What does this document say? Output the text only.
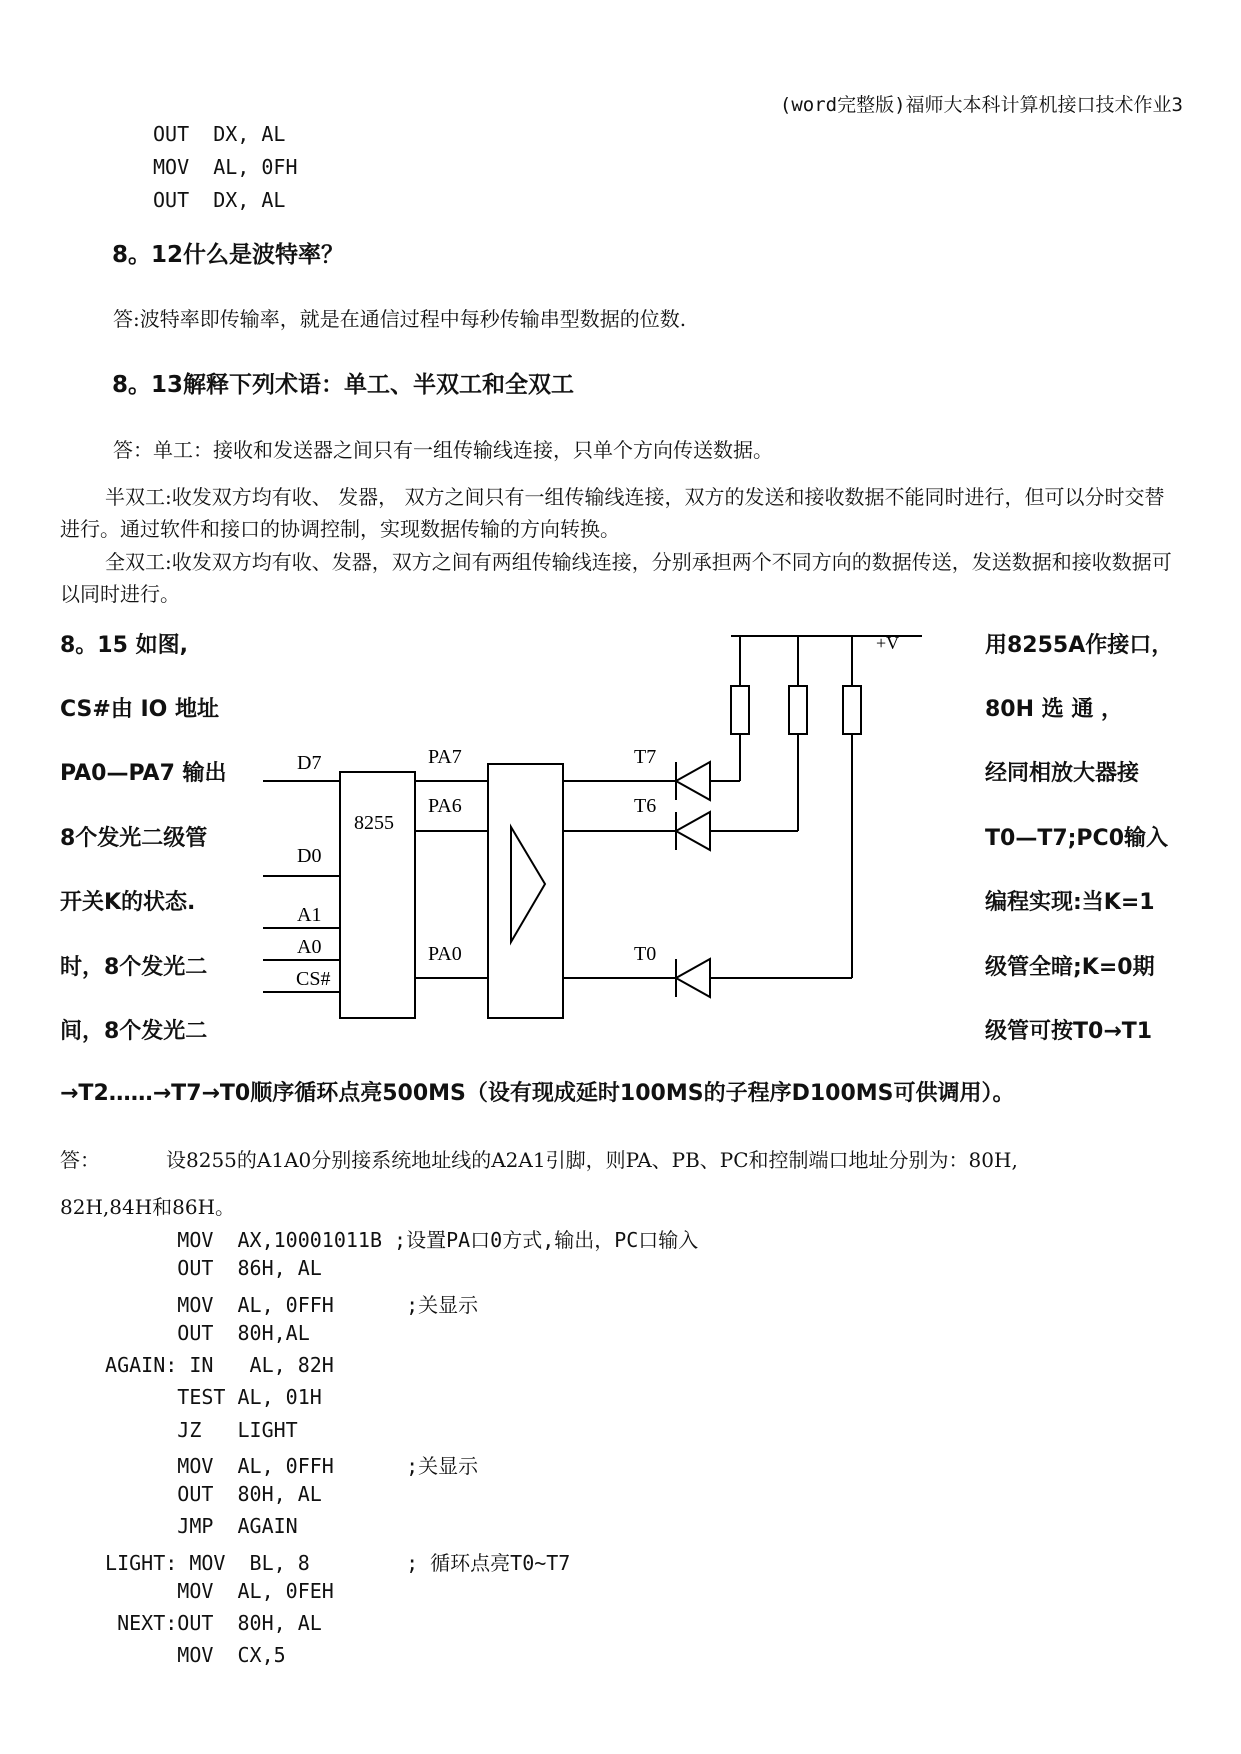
(word完整版)福师大本科计算机接口技术作业3
OUT  DX, AL
MOV  AL, 0FH
OUT  DX, AL
8。12什么是波特率？
答:波特率即传输率，就是在通信过程中每秒传输串型数据的位数.
8。13解释下列术语：单工、半双工和全双工
答：单工：接收和发送器之间只有一组传输线连接，只单个方向传送数据。
半双工:收发双方均有收、 发器， 双方之间只有一组传输线连接，双方的发送和接收数据不能同时进行，但可以分时交替进行。通过软件和接口的协调控制，实现数据传输的方向转换。
全双工:收发双方均有收、发器，双方之间有两组传输线连接，分别承担两个不同方向的数据传送，发送数据和接收数据可以同时进行。
8。15 如图,
CS#由 IO 地址
PA0—PA7 输出
8个发光二级管
开关K的状态.
时，8个发光二
间，8个发光二
用8255A作接口，
80H 选 通 ，
经同相放大器接
T0—T7;PC0输入
编程实现:当K=1
级管全暗;K=0期
级管可按T0→T1
D7
D0
A1
A0
CS#
8255
PA7
PA6
PA0
T7
T6
T0
+V
→T2……→T7→T0顺序循环点亮500MS（设有现成延时100MS的子程序D100MS可供调用）。
答：	设8255的A1A0分别接系统地址线的A2A1引脚，则PA、PB、PC和控制端口地址分别为：80H,
82H,84H和86H。
MOV  AX,10001011B ;设置PA口0方式,输出，PC口输入
OUT  86H, AL
MOV  AL, 0FFH      ;关显示
OUT  80H,AL
AGAIN: IN   AL, 82H
TEST AL, 01H
JZ   LIGHT
MOV  AL, 0FFH      ;关显示
OUT  80H, AL
JMP  AGAIN
LIGHT: MOV  BL, 8        ; 循环点亮T0~T7
MOV  AL, 0FEH
NEXT:OUT  80H, AL
MOV  CX,5
